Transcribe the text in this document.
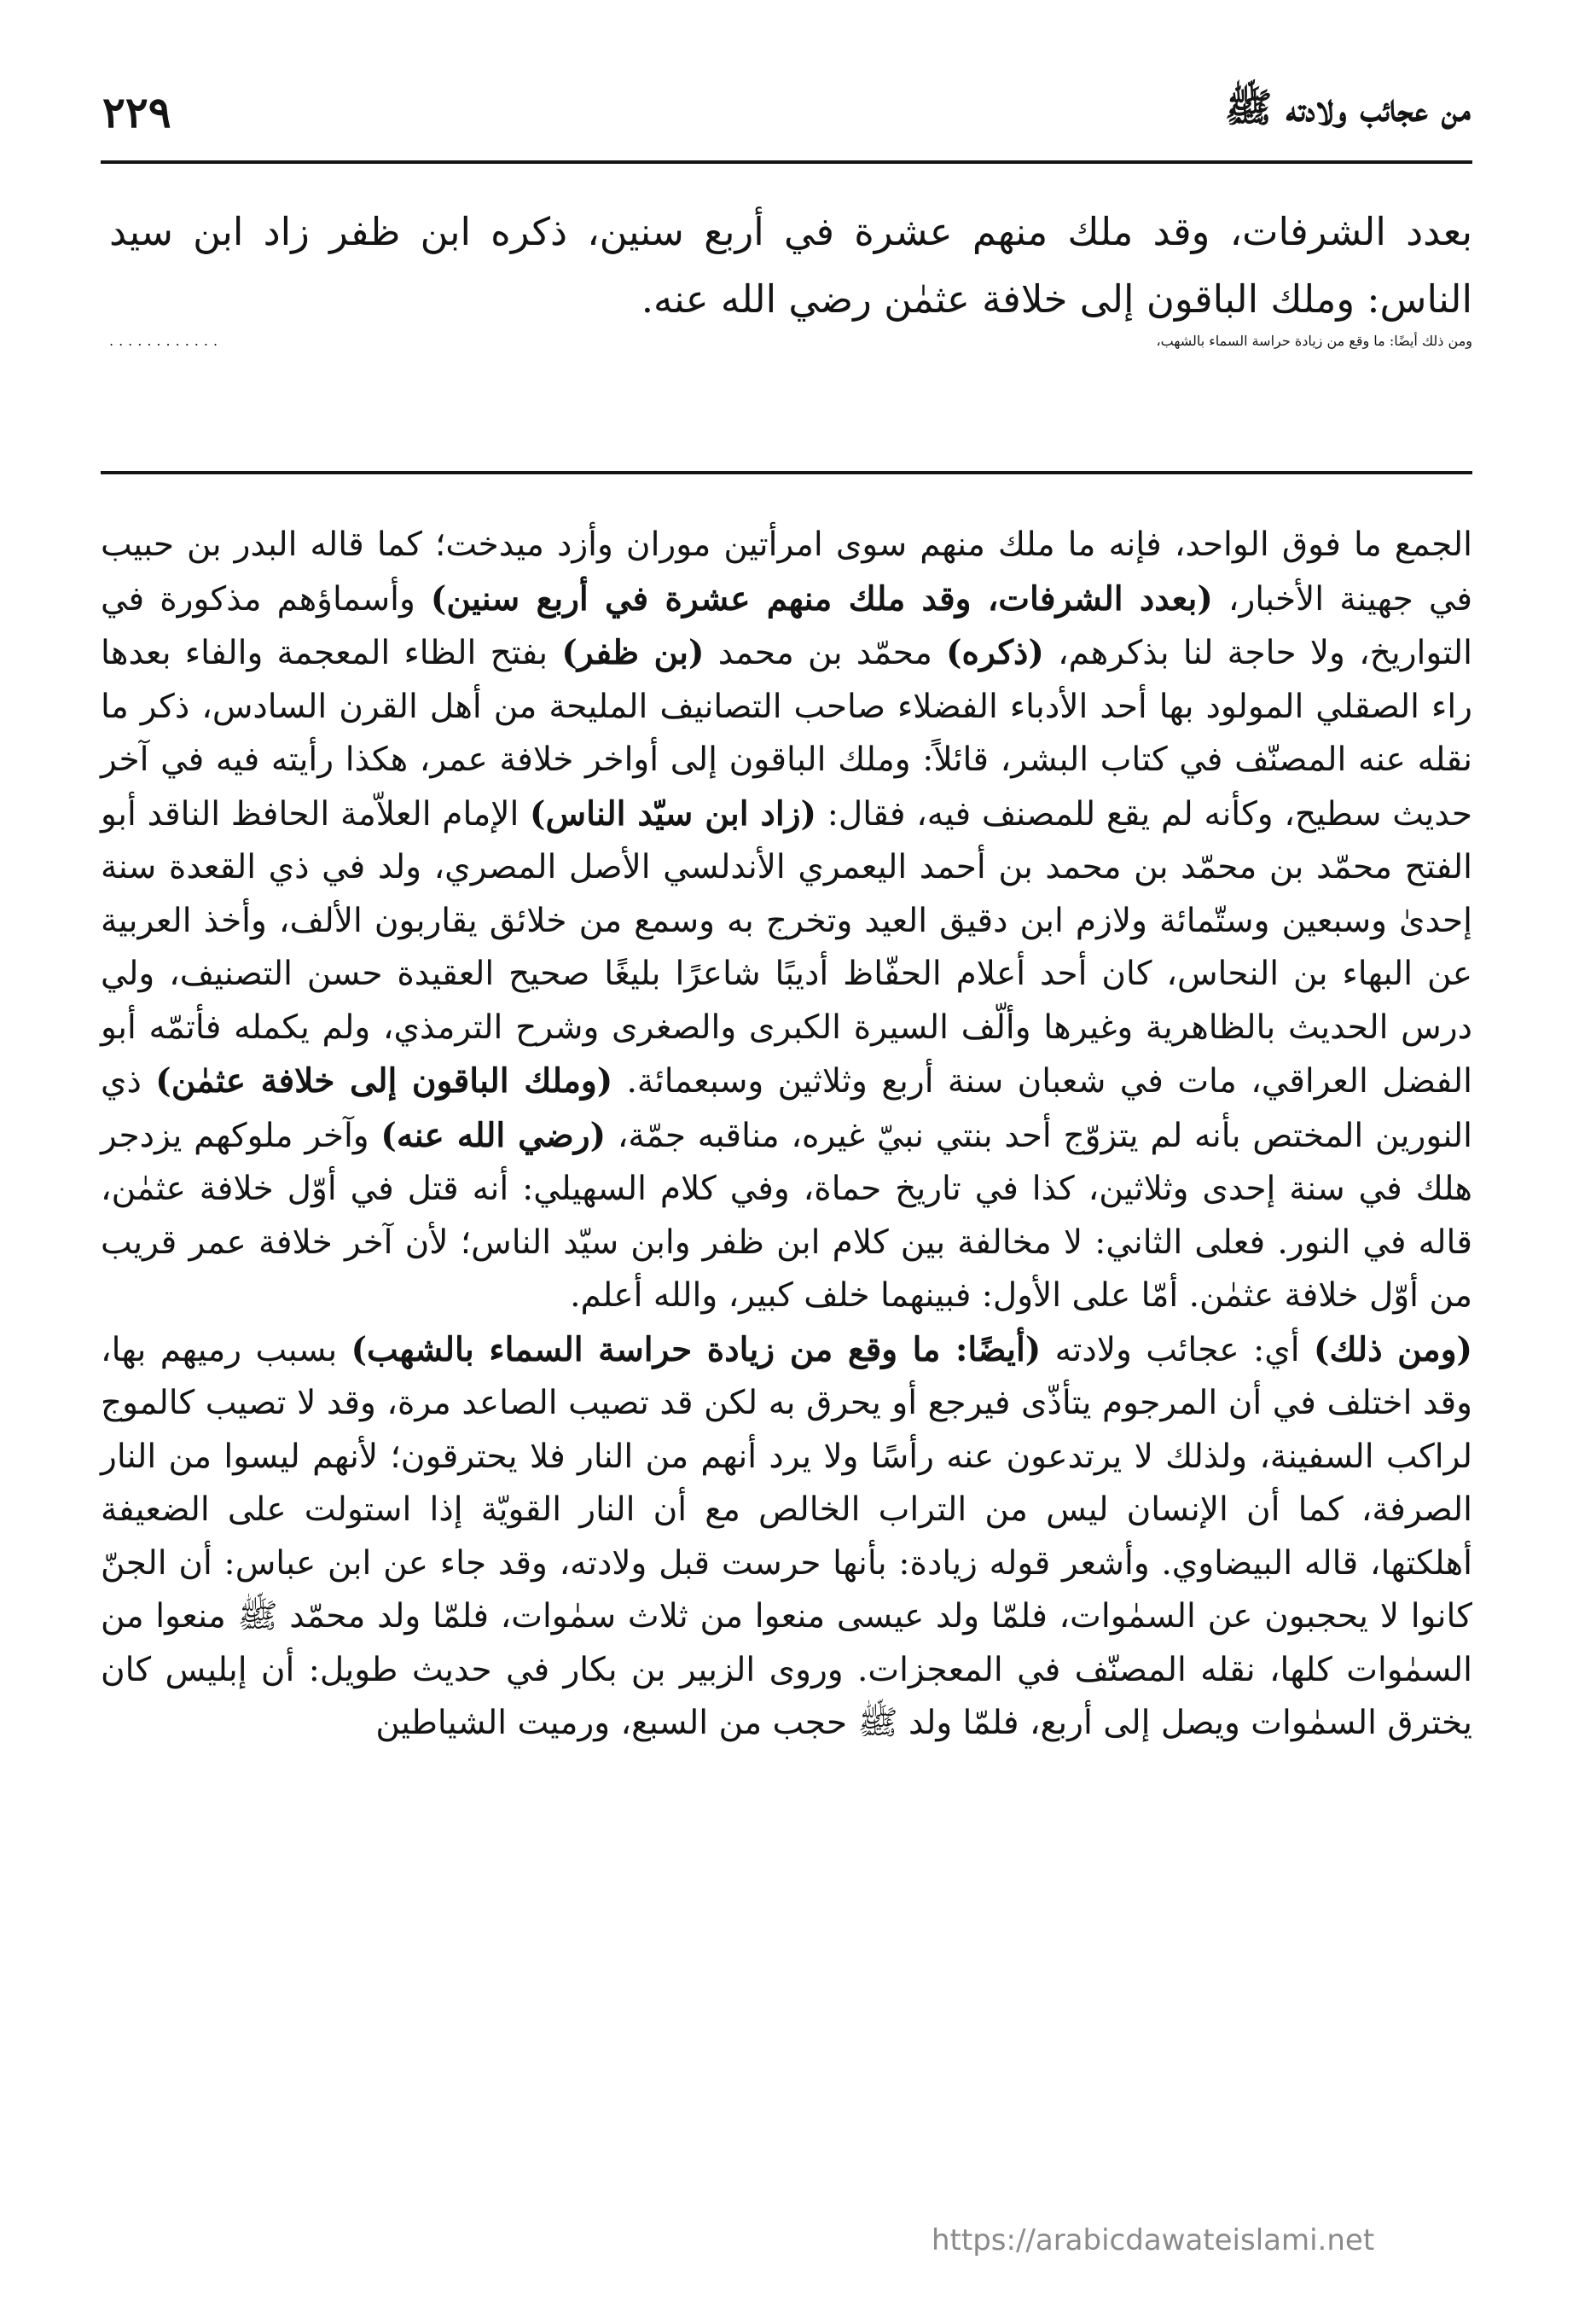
٢٢٩	من عجائب ولادته ﷺ

بعدد الشرفات، وقد ملك منهم عشرة في أربع سنين، ذكره ابن ظفر زاد ابن سيد

الناس: وملك الباقون إلى خلافة عثمٰن رضي الله عنه.

ومن ذلك أيضًا: ما وقع من زيادة حراسة السماء بالشهب،
............

الجمع ما فوق الواحد، فإنه ما ملك منهم سوى امرأتين موران وأزد ميدخت؛ كما قاله البدر بن حبيب في جهينة الأخبار، (بعدد الشرفات، وقد ملك منهم عشرة في أربع سنين) وأسماؤهم مذكورة في التواريخ، ولا حاجة لنا بذكرهم، (ذكره) محمّد بن محمد (بن ظفر) بفتح الظاء المعجمة والفاء بعدها راء الصقلي المولود بها أحد الأدباء الفضلاء صاحب التصانيف المليحة من أهل القرن السادس، ذكر ما نقله عنه المصنّف في كتاب البشر، قائلاً: وملك الباقون إلى أواخر خلافة عمر، هكذا رأيته فيه في آخر حديث سطيح، وكأنه لم يقع للمصنف فيه، فقال: (زاد ابن سيّد الناس) الإمام العلاّمة الحافظ الناقد أبو الفتح محمّد بن محمّد بن محمد بن أحمد اليعمري الأندلسي الأصل المصري، ولد في ذي القعدة سنة إحدىٰ وسبعين وستّمائة ولازم ابن دقيق العيد وتخرج به وسمع من خلائق يقاربون الألف، وأخذ العربية عن البهاء بن النحاس، كان أحد أعلام الحفّاظ أديبًا شاعرًا بليغًا صحيح العقيدة حسن التصنيف، ولي درس الحديث بالظاهرية وغيرها وألّف السيرة الكبرى والصغرى وشرح الترمذي، ولم يكمله فأتمّه أبو الفضل العراقي، مات في شعبان سنة أربع وثلاثين وسبعمائة. (وملك الباقون إلى خلافة عثمٰن) ذي النورين المختص بأنه لم يتزوّج أحد بنتي نبيّ غيره، مناقبه جمّة، (رضي الله عنه) وآخر ملوكهم يزدجر هلك في سنة إحدى وثلاثين، كذا في تاريخ حماة، وفي كلام السهيلي: أنه قتل في أوّل خلافة عثمٰن، قاله في النور. فعلى الثاني: لا مخالفة بين كلام ابن ظفر وابن سيّد الناس؛ لأن آخر خلافة عمر قريب من أوّل خلافة عثمٰن. أمّا على الأول: فبينهما خلف كبير، والله أعلم.

(ومن ذلك) أي: عجائب ولادته (أيضًا: ما وقع من زيادة حراسة السماء بالشهب) بسبب رميهم بها، وقد اختلف في أن المرجوم يتأذّى فيرجع أو يحرق به لكن قد تصيب الصاعد مرة، وقد لا تصيب كالموج لراكب السفينة، ولذلك لا يرتدعون عنه رأسًا ولا يرد أنهم من النار فلا يحترقون؛ لأنهم ليسوا من النار الصرفة، كما أن الإنسان ليس من التراب الخالص مع أن النار القويّة إذا استولت على الضعيفة أهلكتها، قاله البيضاوي. وأشعر قوله زيادة: بأنها حرست قبل ولادته، وقد جاء عن ابن عباس: أن الجنّ كانوا لا يحجبون عن السمٰوات، فلمّا ولد عيسى منعوا من ثلاث سمٰوات، فلمّا ولد محمّد ﷺ منعوا من السمٰوات كلها، نقله المصنّف في المعجزات. وروى الزبير بن بكار في حديث طويل: أن إبليس كان يخترق السمٰوات ويصل إلى أربع، فلمّا ولد ﷺ حجب من السبع، ورميت الشياطين

https://arabicdawateislami.net
